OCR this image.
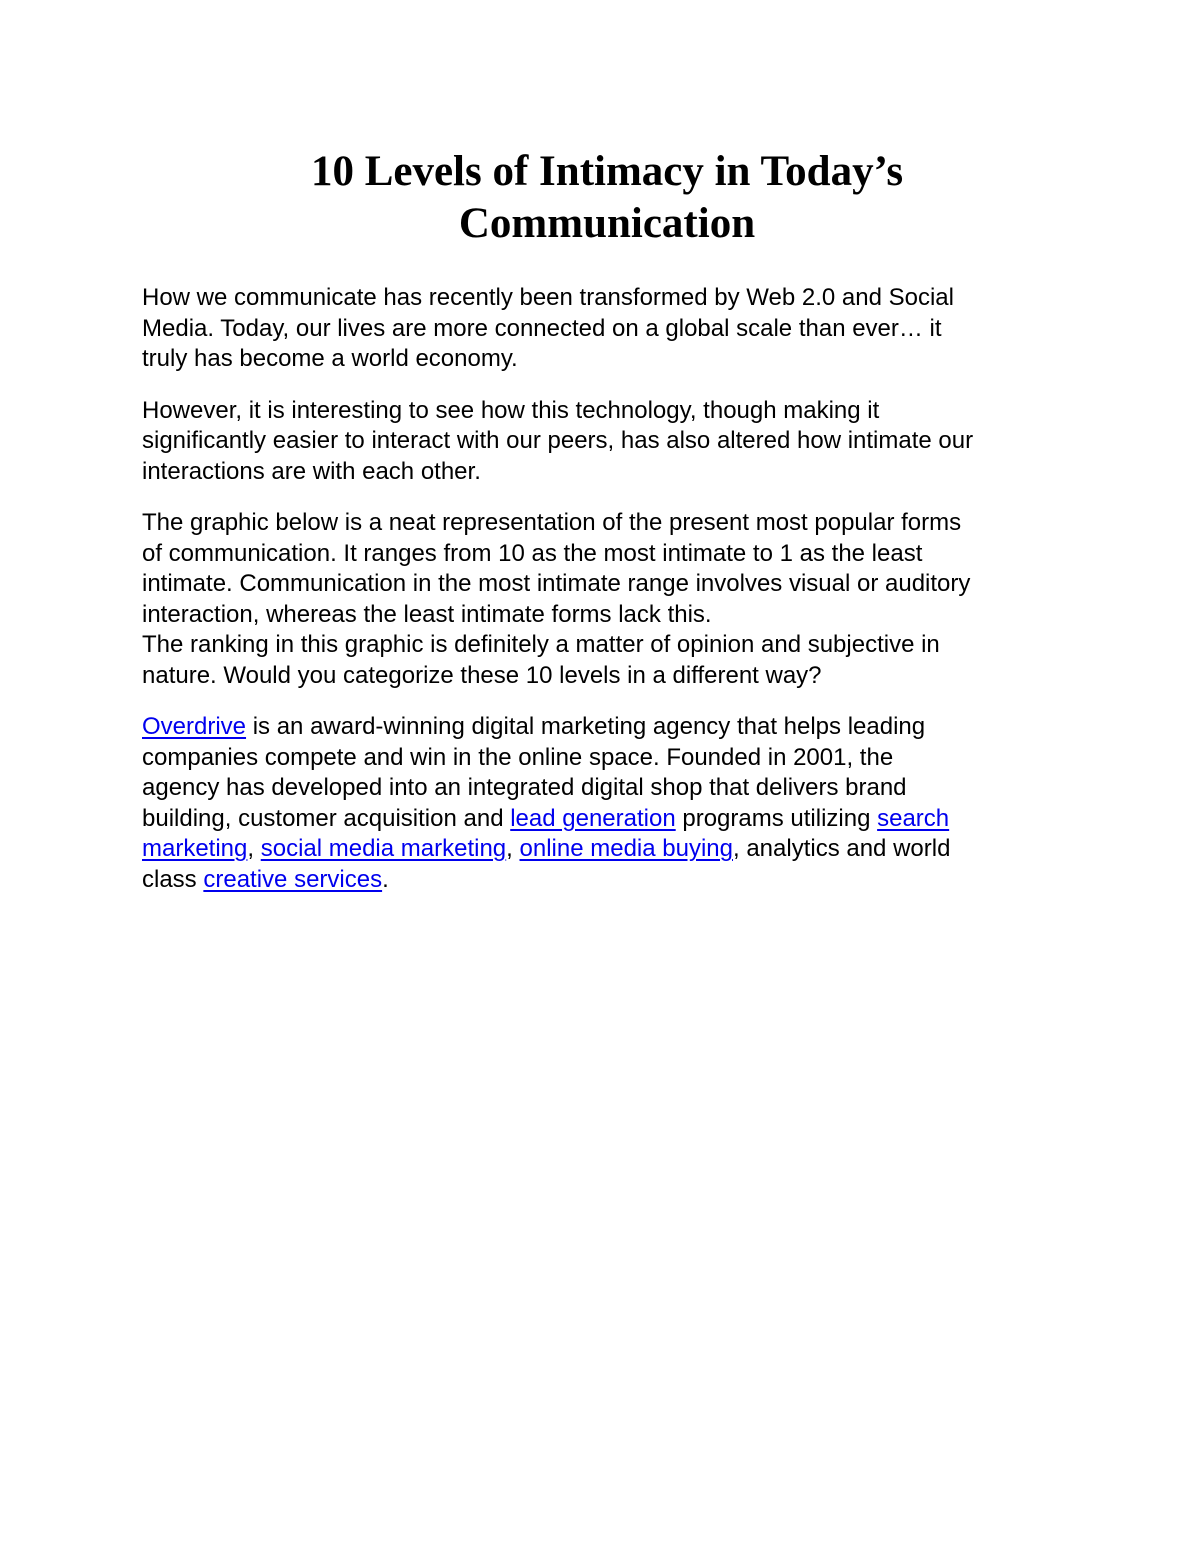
10 Levels of Intimacy in Today’s
Communication

How we communicate has recently been transformed by Web 2.0 and Social
Media. Today, our lives are more connected on a global scale than ever… it
truly has become a world economy.

However, it is interesting to see how this technology, though making it
significantly easier to interact with our peers, has also altered how intimate our
interactions are with each other.

The graphic below is a neat representation of the present most popular forms
of communication. It ranges from 10 as the most intimate to 1 as the least
intimate. Communication in the most intimate range involves visual or auditory
interaction, whereas the least intimate forms lack this.
The ranking in this graphic is definitely a matter of opinion and subjective in
nature. Would you categorize these 10 levels in a different way?

Overdrive is an award-winning digital marketing agency that helps leading
companies compete and win in the online space. Founded in 2001, the
agency has developed into an integrated digital shop that delivers brand
building, customer acquisition and lead generation programs utilizing search
marketing, social media marketing, online media buying, analytics and world
class creative services.
